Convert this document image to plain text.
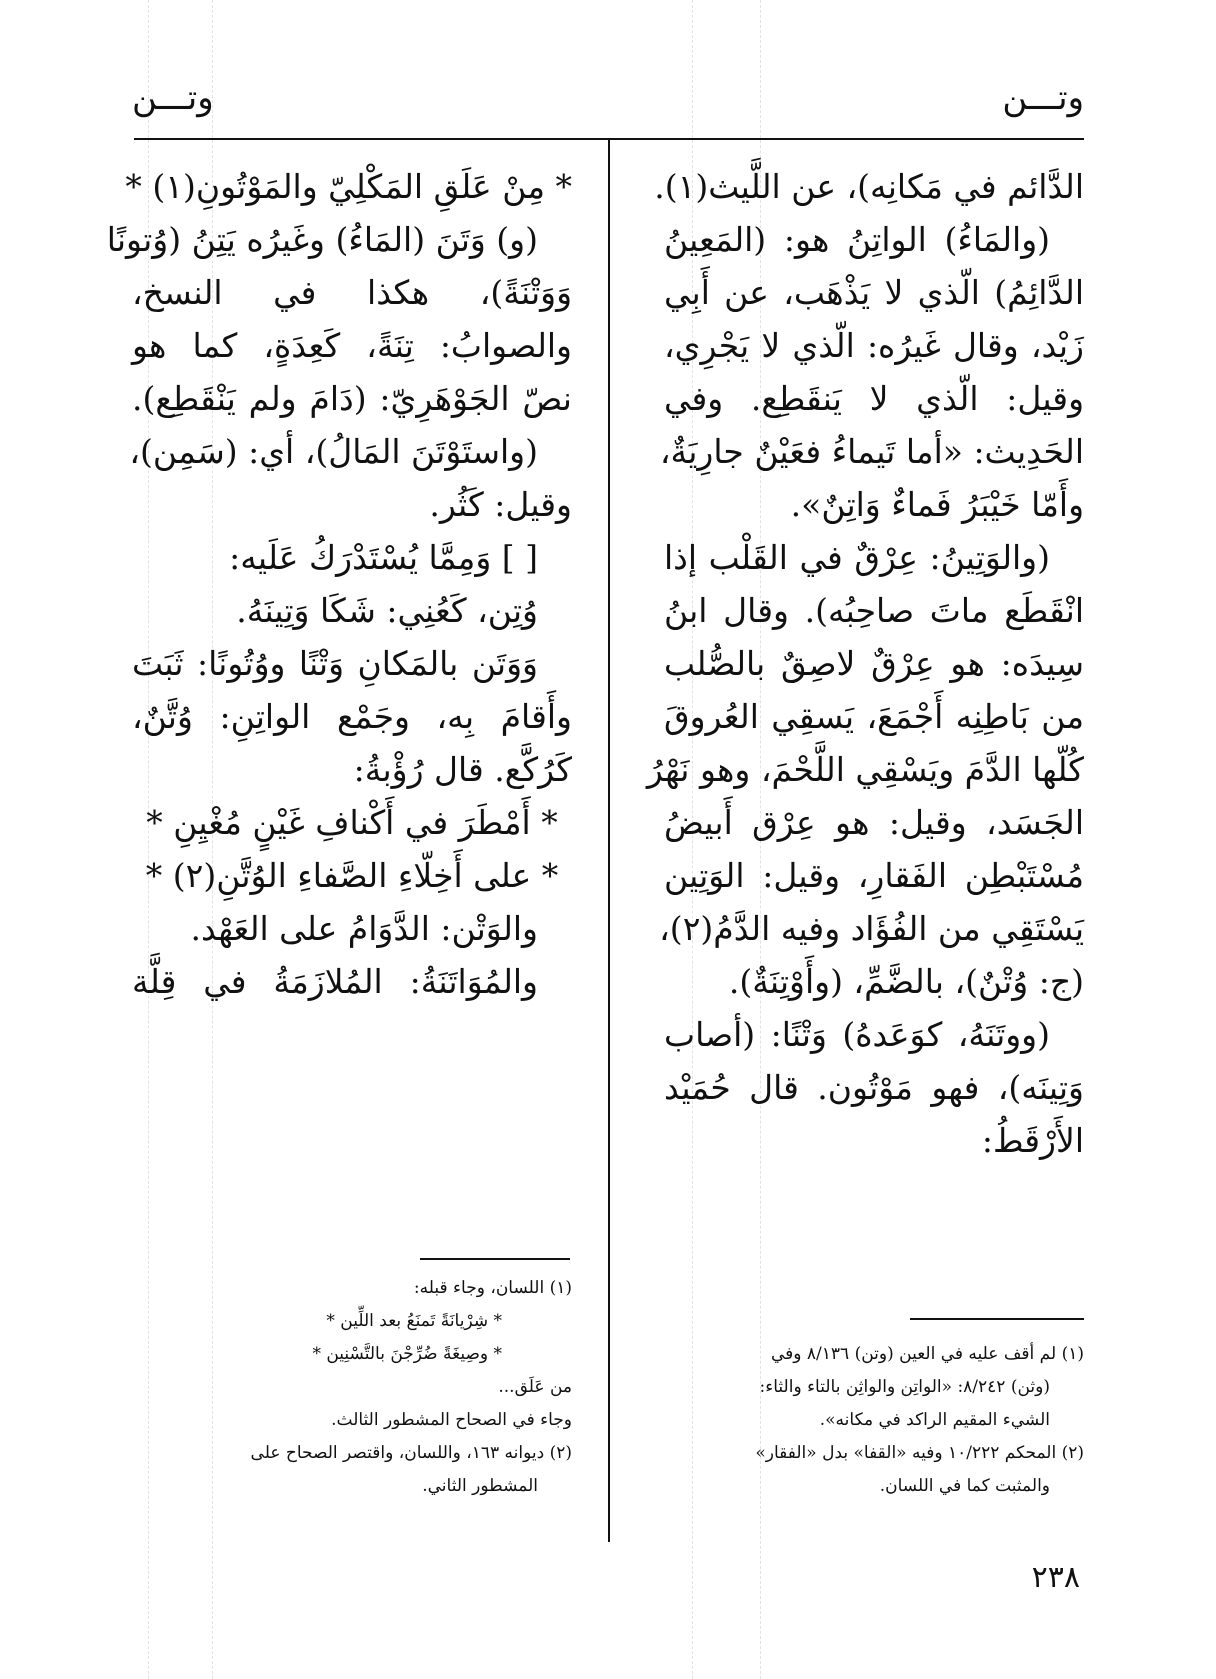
وتـــن
وتـــن
الدَّائم في مَكانِه)، عن اللَّيث(١).
(والمَاءُ) الواتِنُ هو: (المَعِينُ
الدَّائِمُ) الّذي لا يَذْهَب، عن أَبِي
زَيْد، وقال غَيرُه: الّذي لا يَجْرِي،
وقيل: الّذي لا يَنقَطِع. وفي
الحَدِيث: «أما تَيماءُ فعَيْنٌ جارِيَةٌ،
وأَمّا خَيْبَرُ فَماءٌ وَاتِنٌ».
(والوَتِينُ: عِرْقٌ في القَلْب إذا
انْقَطَع ماتَ صاحِبُه). وقال ابنُ
سِيدَه: هو عِرْقٌ لاصِقٌ بالصُّلب
من بَاطِنِه أَجْمَعَ، يَسقِي العُروقَ
كُلّها الدَّمَ ويَسْقِي اللَّحْمَ، وهو نَهْرُ
الجَسَد، وقيل: هو عِرْق أَبيضُ
مُسْتَبْطِن الفَقارِ، وقيل: الوَتِين
يَسْتَقِي من الفُؤَاد وفيه الدَّمُ(٢)،
(ج: وُتْنٌ)، بالضَّمِّ، (وأَوْتِنَةٌ).
(ووتَنَهُ، كوَعَدهُ) وَتْنًا: (أصاب
وَتِينَه)، فهو مَوْتُون. قال حُمَيْد
الأَرْقَطُ:
* مِنْ عَلَقِ المَكْلِيّ والمَوْتُونِ(١) *
(و) وَتَنَ (المَاءُ) وغَيرُه يَتِنُ (وُتونًا
وَوَتْنَةً)، هكذا في النسخ،
والصوابُ: تِنَةً، كَعِدَةٍ، كما هو
نصّ الجَوْهَرِيّ: (دَامَ ولم يَنْقَطِع).
(واستَوْتَنَ المَالُ)، أي: (سَمِن)،
وقيل: كَثُر.
[ ] وَمِمَّا يُسْتَدْرَكُ عَلَيه:
وُتِن، كَعُنِي: شَكَا وَتِينَهُ.
وَوَتَن بالمَكانِ وَتْنًا ووُتُونًا: ثَبَتَ
وأَقامَ بِه، وجَمْع الواتِنِ: وُتَّنٌ،
كَرُكَّع. قال رُؤْبةُ:
* أَمْطَرَ في أَكْنافِ غَيْنٍ مُغْيِنِ *
* على أَخِلّاءِ الصَّفاءِ الوُتَّنِ(٢) *
والوَتْن: الدَّوَامُ على العَهْد.
والمُوَاتَنَةُ: المُلازَمَةُ في قِلَّة
(١) لم أقف عليه في العين (وتن) ٨/١٣٦ وفي
(وثن) ٨/٢٤٢: «الواتِن والواثِن بالتاء والثاء:
الشيء المقيم الراكد في مكانه».
(٢) المحكم ١٠/٢٢٢ وفيه «القفا» بدل «الفقار»
والمثبت كما في اللسان.
(١) اللسان، وجاء قبله:
* شِرْيانَةً تَمنَعُ بعد اللِّين *
* وصِيغَةً ضُرِّجْنَ بالتَّسْنِين *
من عَلَق...
وجاء في الصحاح المشطور الثالث.
(٢) ديوانه ١٦٣، واللسان، واقتصر الصحاح على
المشطور الثاني.
٢٣٨
